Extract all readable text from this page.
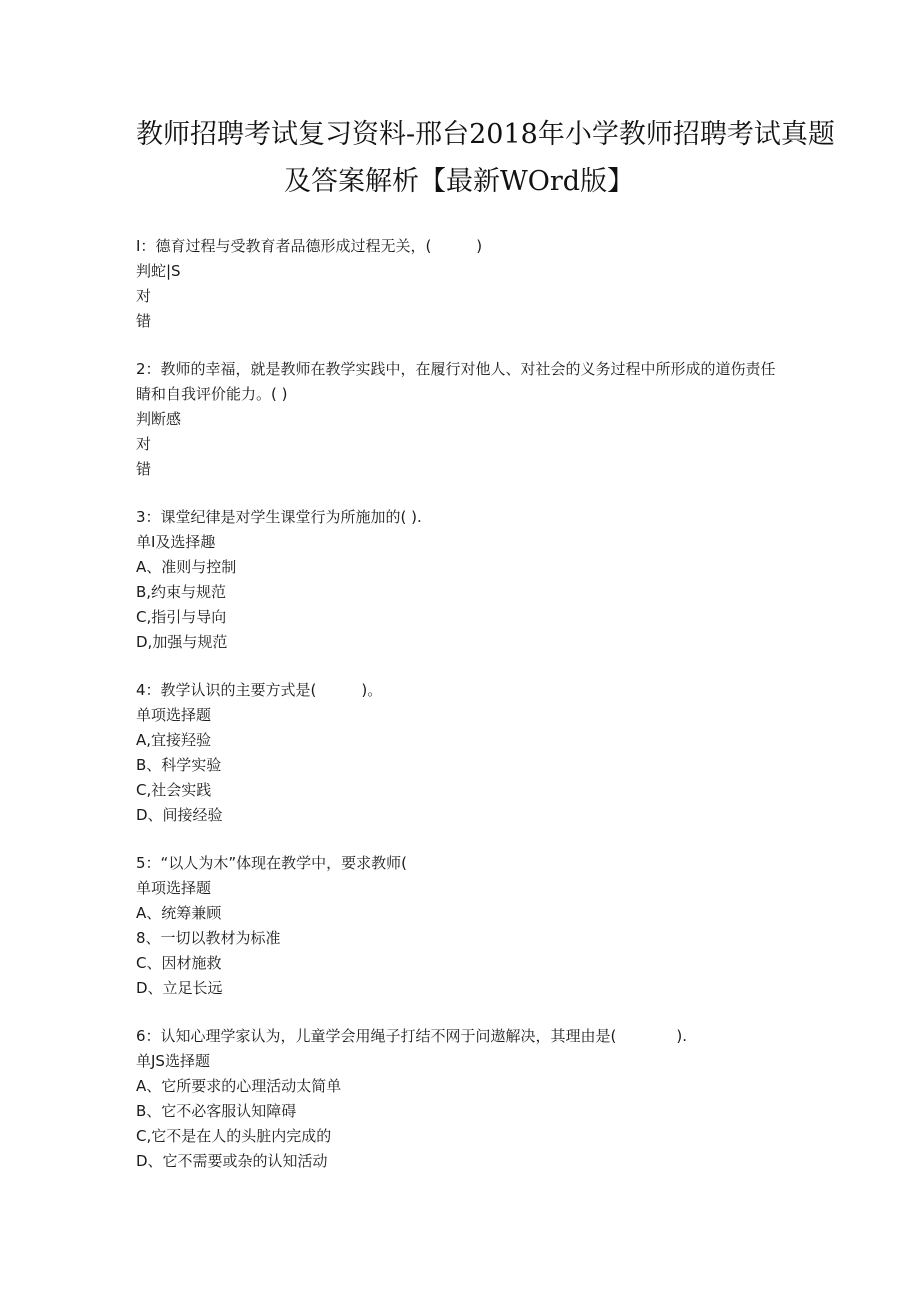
教师招聘考试复习资料-邢台2018年小学教师招聘考试真题
及答案解析【最新WOrd版】
I：德育过程与受教育者品德形成过程无关，(　　　)
判蛇|S
对
错
2：教师的幸福，就是教师在教学实践中，在履行对他人、对社会的义务过程中所形成的道伤责任睛和自我评价能力。( )
判断感
对
错
3：课堂纪律是对学生课堂行为所施加的( ).
单I及选择趣
A、准则与控制
B,约束与规范
C,指引与导向
D,加强与规范
4：教学认识的主要方式是(　　　)。
单项选择题
A,宜接羟验
B、科学实验
C,社会实践
D、间接经验
5：“以人为木”体现在教学中，要求教师(
单项选择题
A、统筹兼顾
8、一切以教材为标准
C、因材施救
D、立足长远
6：认知心理学家认为，儿童学会用绳子打结不网于问遨解决，其理由是(　　　　).
单JS选择题
A、它所要求的心理活动太简单
B、它不必客服认知障碍
C,它不是在人的头脏内完成的
D、它不需要或杂的认知活动
